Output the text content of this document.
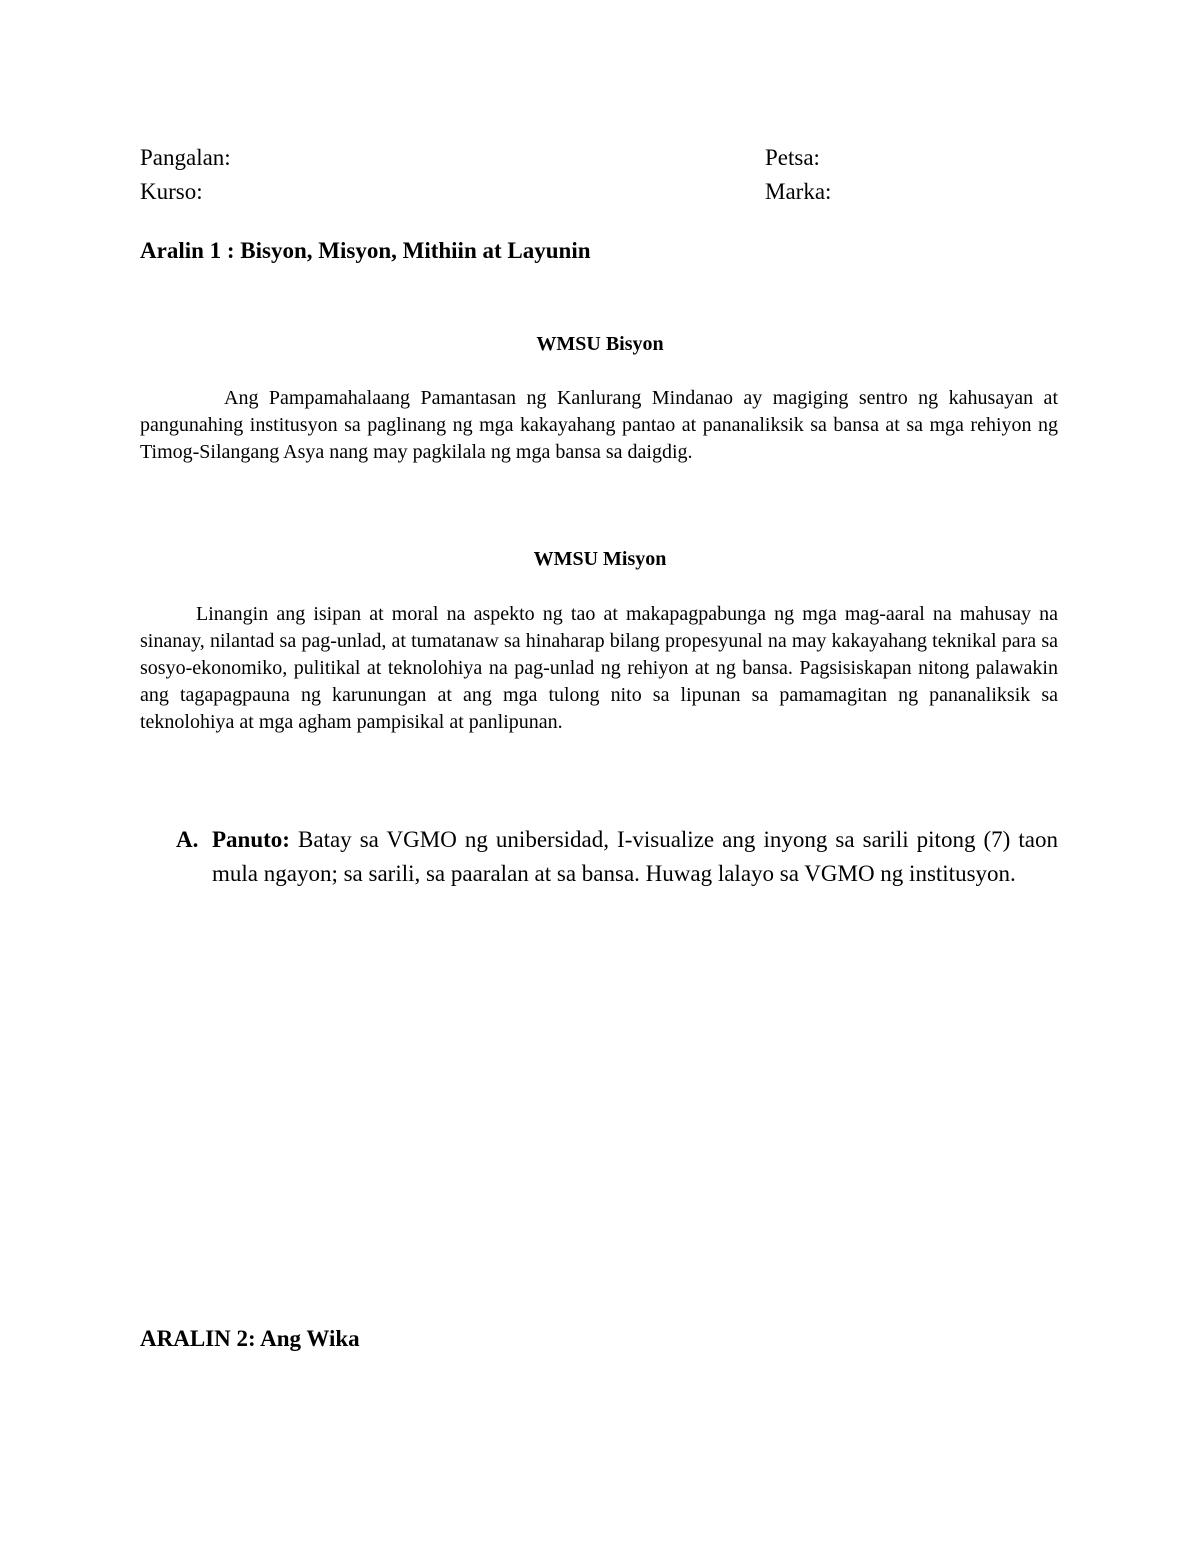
Pangalan:	Petsa:
Kurso:	Marka:
Aralin 1 : Bisyon, Misyon, Mithiin at Layunin
WMSU Bisyon

Ang Pampamahalaang Pamantasan ng Kanlurang Mindanao ay magiging sentro ng kahusayan at pangunahing institusyon sa paglinang ng mga kakayahang pantao at pananaliksik sa bansa at sa mga rehiyon ng Timog-Silangang Asya nang may pagkilala ng mga bansa sa daigdig.

WMSU Misyon

Linangin ang isipan at moral na aspekto ng tao at makapagpabunga ng mga mag-aaral na mahusay na sinanay, nilantad sa pag-unlad, at tumatanaw sa hinaharap bilang propesyunal na may kakayahang teknikal para sa sosyo-ekonomiko, pulitikal at teknolohiya na pag-unlad ng rehiyon at ng bansa. Pagsisiskapan nitong palawakin ang tagapagpauna ng karunungan at ang mga tulong nito sa lipunan sa pamamagitan ng pananaliksik sa teknolohiya at mga agham pampisikal at panlipunan.

A. Panuto: Batay sa VGMO ng unibersidad, I-visualize ang inyong sa sarili pitong (7) taon mula ngayon; sa sarili, sa paaralan at sa bansa. Huwag lalayo sa VGMO ng institusyon.

ARALIN 2: Ang Wika
